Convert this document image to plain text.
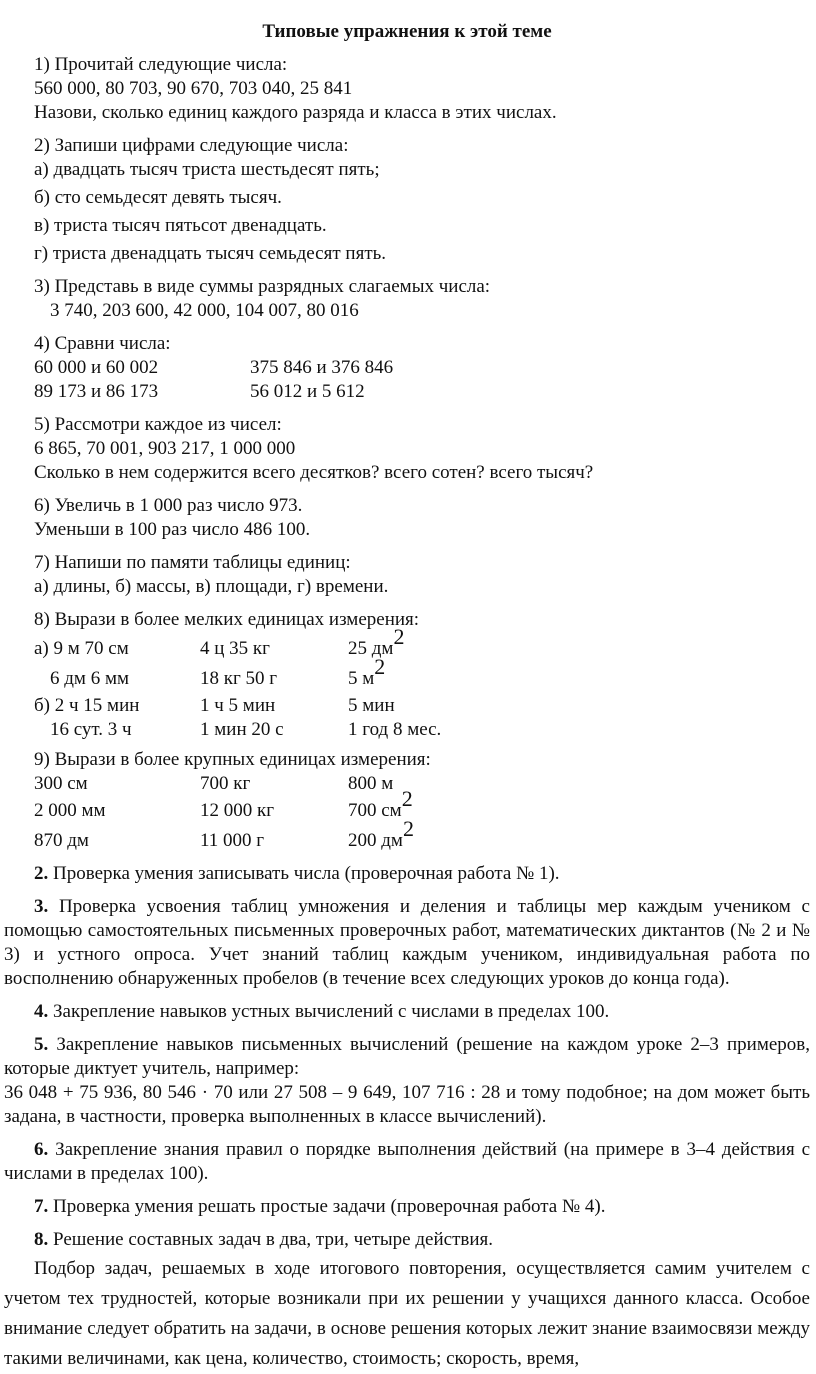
Типовые упражнения к этой теме

1) Прочитай следующие числа:

560 000, 80 703, 90 670, 703 040, 25 841

Назови, сколько единиц каждого разряда и класса в этих числах.

2) Запиши цифрами следующие числа:

а) двадцать тысяч триста шестьдесят пять;

б) сто семьдесят девять тысяч.

в) триста тысяч пятьсот двенадцать.

г) триста двенадцать тысяч семьдесят пять.

3) Представь в виде суммы разрядных слагаемых числа:

3 740, 203 600, 42 000, 104 007, 80 016

4) Сравни числа:

60 000 и 60 002	375 846 и 376 846
89 173 и 86 173	56 012 и 5 612

5) Рассмотри каждое из чисел:

6 865, 70 001, 903 217, 1 000 000

Сколько в нем содержится всего десятков? всего сотен? всего тысяч?

6) Увеличь в 1 000 раз число 973.

Уменьши в 100 раз число 486 100.

7) Напиши по памяти таблицы единиц:

а) длины, б) массы, в) площади, г) времени.

8) Вырази в более мелких единицах измерения:

а) 9 м 70 см	4 ц 35 кг	25 $дм^2$
6 дм 6 мм	18 кг 50 г	5 $м^2$
б) 2 ч 15 мин	1 ч 5 мин	5 мин
16 сут. 3 ч	1 мин 20 с	1 год 8 мес.

9) Вырази в более крупных единицах измерения:

300 см	700 кг	800 м
2 000 мм	12 000 кг	700 $см^2$
870 дм	11 000 г	200 $дм^2$

2. Проверка умения записывать числа (проверочная работа № 1).

3. Проверка усвоения таблиц умножения и деления и таблицы мер каждым учеником с помощью самостоятельных письменных проверочных работ, математических диктантов (№ 2 и № 3) и устного опроса. Учет знаний таблиц каждым учеником, индивидуальная работа по восполнению обнаруженных пробелов (в течение всех следующих уроков до конца года).

4. Закрепление навыков устных вычислений с числами в пределах 100.

5. Закрепление навыков письменных вычислений (решение на каждом уроке 2–3 примеров, которые диктует учитель, например:

36 048 + 75 936, 80 546 · 70 или 27 508 – 9 649, 107 716 : 28 и тому подобное; на дом может быть задана, в частности, проверка выполненных в классе вычислений).

6. Закрепление знания правил о порядке выполнения действий (на примере в 3–4 действия с числами в пределах 100).

7. Проверка умения решать простые задачи (проверочная работа № 4).

8. Решение составных задач в два, три, четыре действия.

Подбор задач, решаемых в ходе итогового повторения, осуществляется самим учителем с учетом тех трудностей, которые возникали при их решении у учащихся данного класса. Особое внимание следует обратить на задачи, в основе решения которых лежит знание взаимосвязи между такими величинами, как цена, количество, стоимость; скорость, время,
